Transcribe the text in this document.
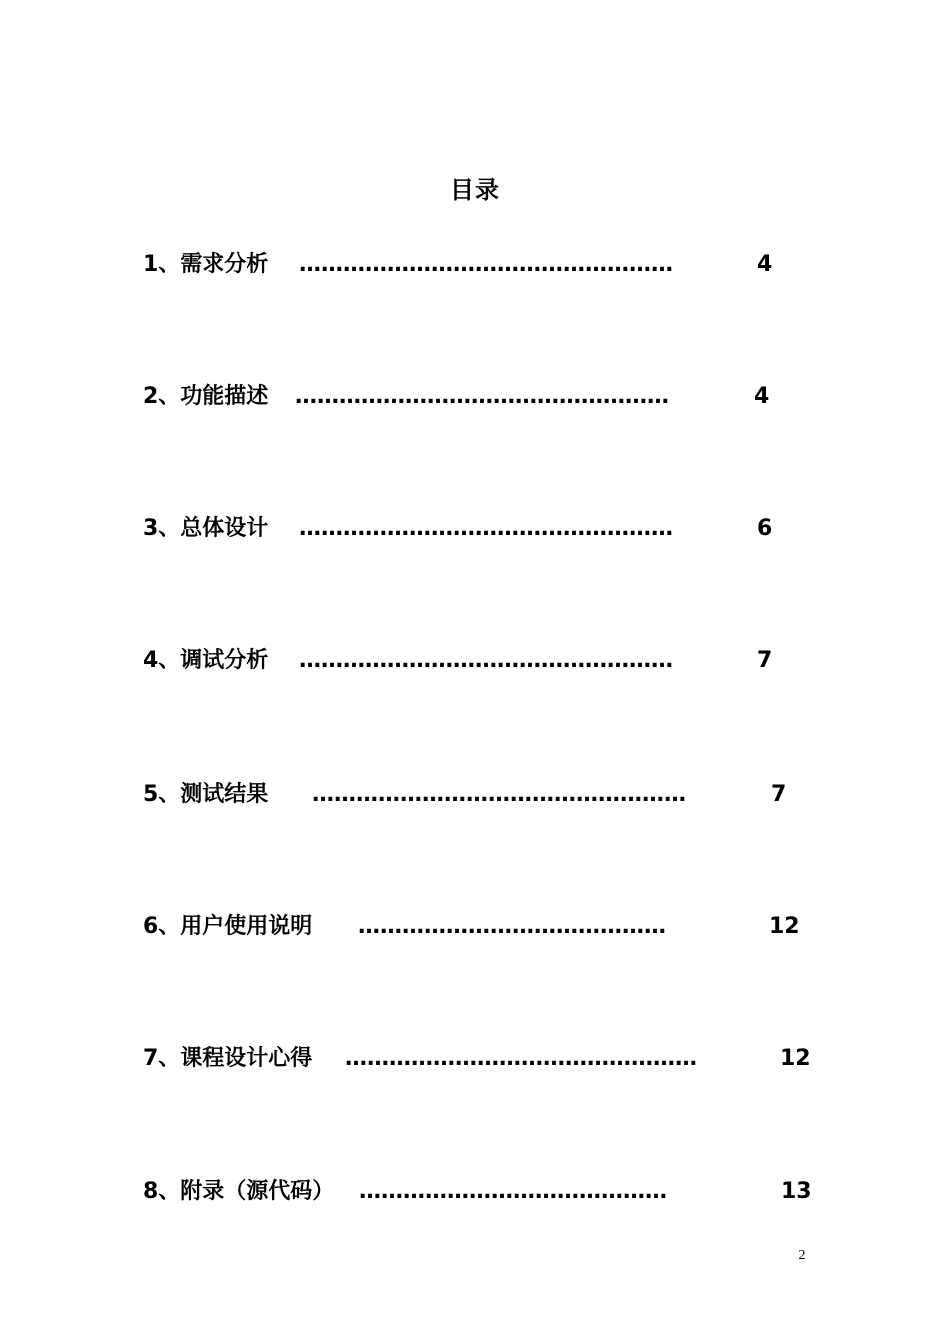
目录
1、需求分析 ……………………………………………	4
2、功能描述 ……………………………………………	4
3、总体设计 ……………………………………………	6
4、调试分析 ……………………………………………	7
5、测试结果 ……………………………………………	7
6、用户使用说明 ……………………………………	12
7、课程设计心得 …………………………………………	12
8、附录（源代码） ……………………………………	13
2
